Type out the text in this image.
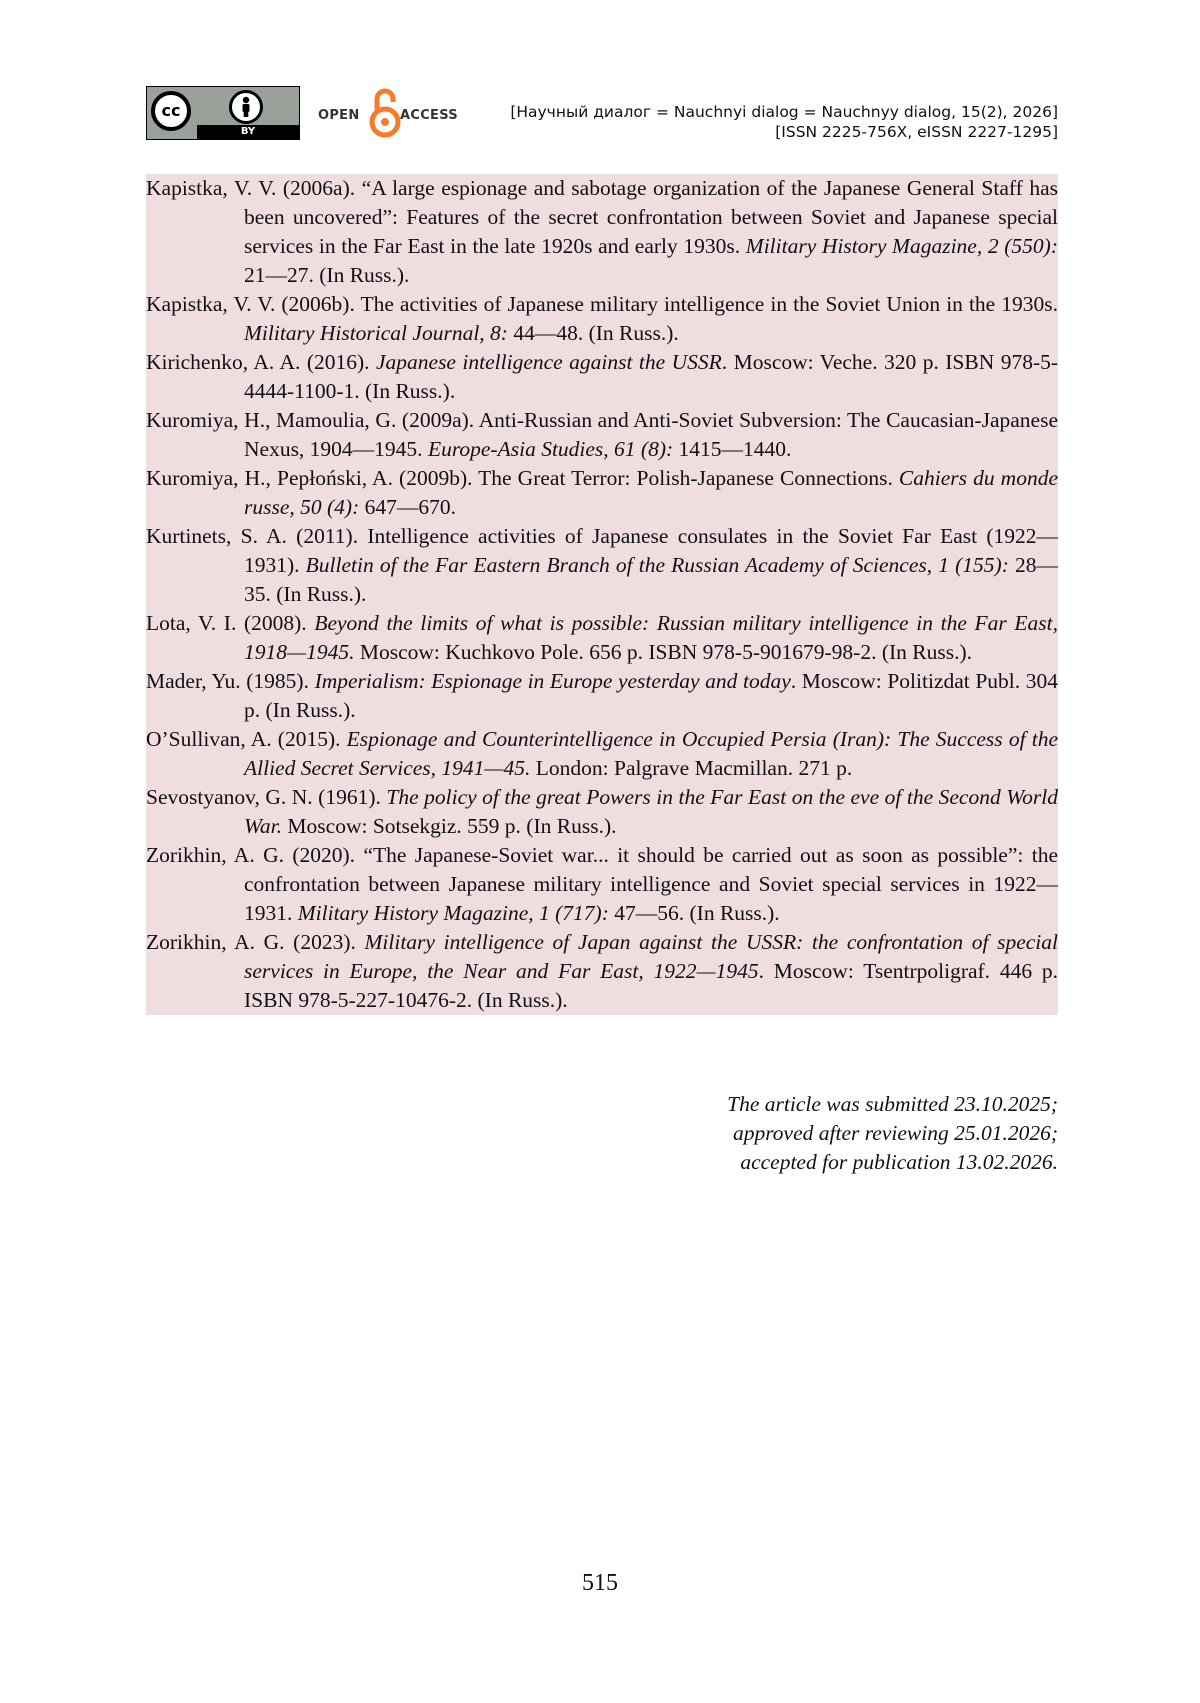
cc
BY
OPEN	ACCESS	[Научный диалог = Nauchnyi dialog = Nauchnyy dialog, 15(2), 2026]
[ISSN 2225-756X, eISSN 2227-1295]

Kapistka, V. V. (2006a). “A large espionage and sabotage organization of the Japanese General Staff has been uncovered”: Features of the secret confrontation between Soviet and Japanese special services in the Far East in the late 1920s and early 1930s. Military History Magazine, 2 (550): 21—27. (In Russ.).

Kapistka, V. V. (2006b). The activities of Japanese military intelligence in the Soviet Union in the 1930s. Military Historical Journal, 8: 44—48. (In Russ.).

Kirichenko, A. A. (2016). Japanese intelligence against the USSR. Moscow: Veche. 320 p. ISBN 978-5-4444-1100-1. (In Russ.).

Kuromiya, H., Mamoulia, G. (2009a). Anti-Russian and Anti-Soviet Subversion: The Caucasian-Japanese Nexus, 1904—1945. Europe-Asia Studies, 61 (8): 1415—1440.

Kuromiya, H., Pepłoński, A. (2009b). The Great Terror: Polish-Japanese Connections. Cahiers du monde russe, 50 (4): 647—670.

Kurtinets, S. A. (2011). Intelligence activities of Japanese consulates in the Soviet Far East (1922—1931). Bulletin of the Far Eastern Branch of the Russian Academy of Sciences, 1 (155): 28—35. (In Russ.).

Lota, V. I. (2008). Beyond the limits of what is possible: Russian military intelligence in the Far East, 1918—1945. Moscow: Kuchkovo Pole. 656 p. ISBN 978-5-901679-98-2. (In Russ.).

Mader, Yu. (1985). Imperialism: Espionage in Europe yesterday and today. Moscow: Politizdat Publ. 304 p. (In Russ.).

O’Sullivan, A. (2015). Espionage and Counterintelligence in Occupied Persia (Iran): The Success of the Allied Secret Services, 1941—45. London: Palgrave Macmillan. 271 p.

Sevostyanov, G. N. (1961). The policy of the great Powers in the Far East on the eve of the Second World War. Moscow: Sotsekgiz. 559 p. (In Russ.).

Zorikhin, A. G. (2020). “The Japanese-Soviet war... it should be carried out as soon as possible”: the confrontation between Japanese military intelligence and Soviet special services in 1922—1931. Military History Magazine, 1 (717): 47—56. (In Russ.).

Zorikhin, A. G. (2023). Military intelligence of Japan against the USSR: the confrontation of special services in Europe, the Near and Far East, 1922—1945. Moscow: Tsentrpoligraf. 446 p. ISBN 978-5-227-10476-2. (In Russ.).

The article was submitted 23.10.2025;
approved after reviewing 25.01.2026;
accepted for publication 13.02.2026.
515
